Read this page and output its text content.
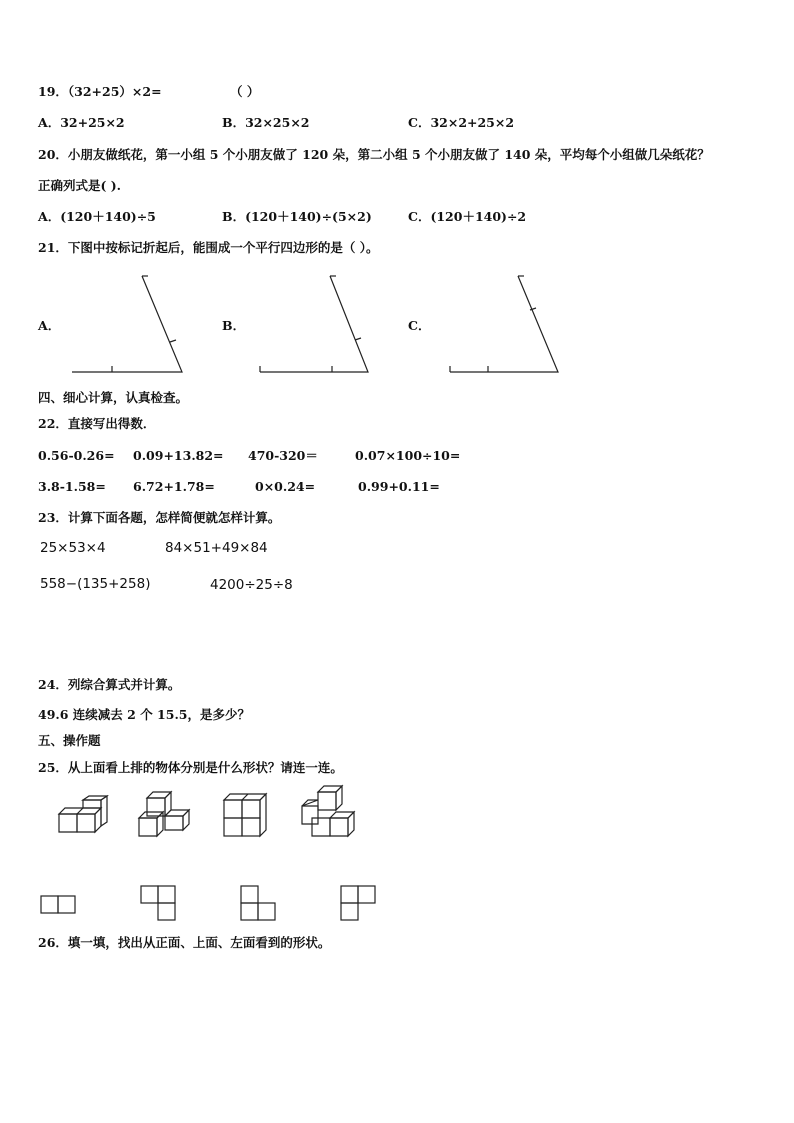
19．（32+25）×2=	（ ）
A．32+25×2	B．32×25×2	C．32×2+25×2
20．小朋友做纸花，第一小组 5 个小朋友做了 120 朵，第二小组 5 个小朋友做了 140 朵，平均每个小组做几朵纸花？
正确列式是( ).
A．(120＋140)÷5	B．(120＋140)÷(5×2)	C．(120＋140)÷2
21．下图中按标记折起后，能围成一个平行四边形的是（ ）。
A．	B．	C．
四、细心计算，认真检查。
22．直接写出得数．
0.56-0.26= 0.09+13.82= 470-320＝	0.07×100÷10=
3.8-1.58= 6.72+1.78=	0×0.24=	0.99+0.11=
23．计算下面各题，怎样简便就怎样计算。
25×53×4	84×51+49×84
558−(135+258)	4200÷25÷8
24．列综合算式并计算。
49.6 连续减去 2 个 15.5，是多少？
五、操作题
25．从上面看上排的物体分别是什么形状？请连一连。
26．填一填，找出从正面、上面、左面看到的形状。
